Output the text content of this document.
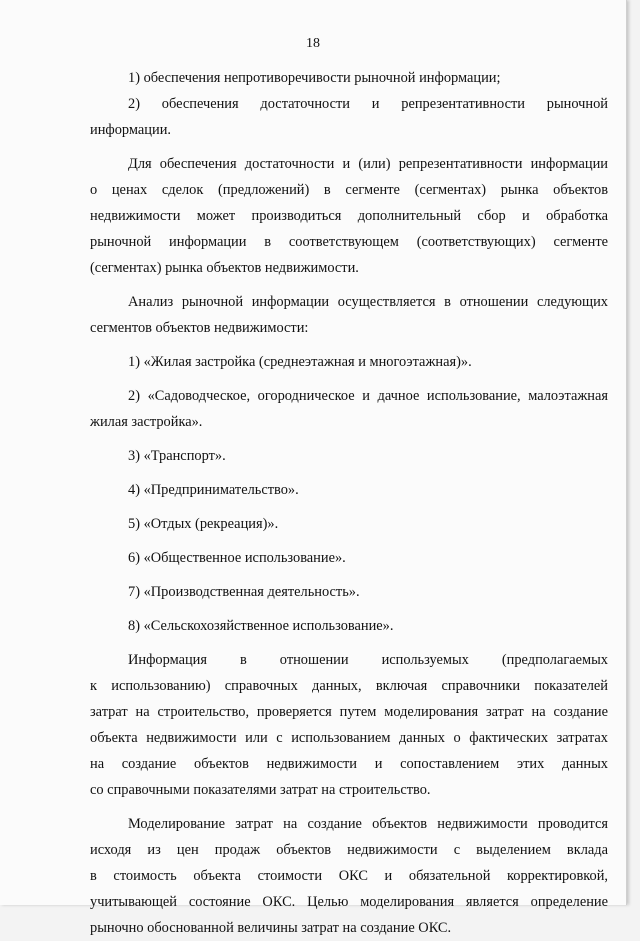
18
1) обеспечения непротиворечивости рыночной информации;
2) обеспечения достаточности и репрезентативности рыночной
информации.
Для обеспечения достаточности и (или) репрезентативности информации
о ценах сделок (предложений) в сегменте (сегментах) рынка объектов
недвижимости может производиться дополнительный сбор и обработка
рыночной информации в соответствующем (соответствующих) сегменте
(сегментах) рынка объектов недвижимости.
Анализ рыночной информации осуществляется в отношении следующих
сегментов объектов недвижимости:
1) «Жилая застройка (среднеэтажная и многоэтажная)».
2) «Садоводческое, огородническое и дачное использование, малоэтажная
жилая застройка».
3) «Транспорт».
4) «Предпринимательство».
5) «Отдых (рекреация)».
6) «Общественное использование».
7) «Производственная деятельность».
8) «Сельскохозяйственное использование».
Информация в отношении используемых (предполагаемых
к использованию) справочных данных, включая справочники показателей
затрат на строительство, проверяется путем моделирования затрат на создание
объекта недвижимости или с использованием данных о фактических затратах
на создание объектов недвижимости и сопоставлением этих данных
со справочными показателями затрат на строительство.
Моделирование затрат на создание объектов недвижимости проводится
исходя из цен продаж объектов недвижимости с выделением вклада
в стоимость объекта стоимости ОКС и обязательной корректировкой,
учитывающей состояние ОКС. Целью моделирования является определение
рыночно обоснованной величины затрат на создание ОКС.
